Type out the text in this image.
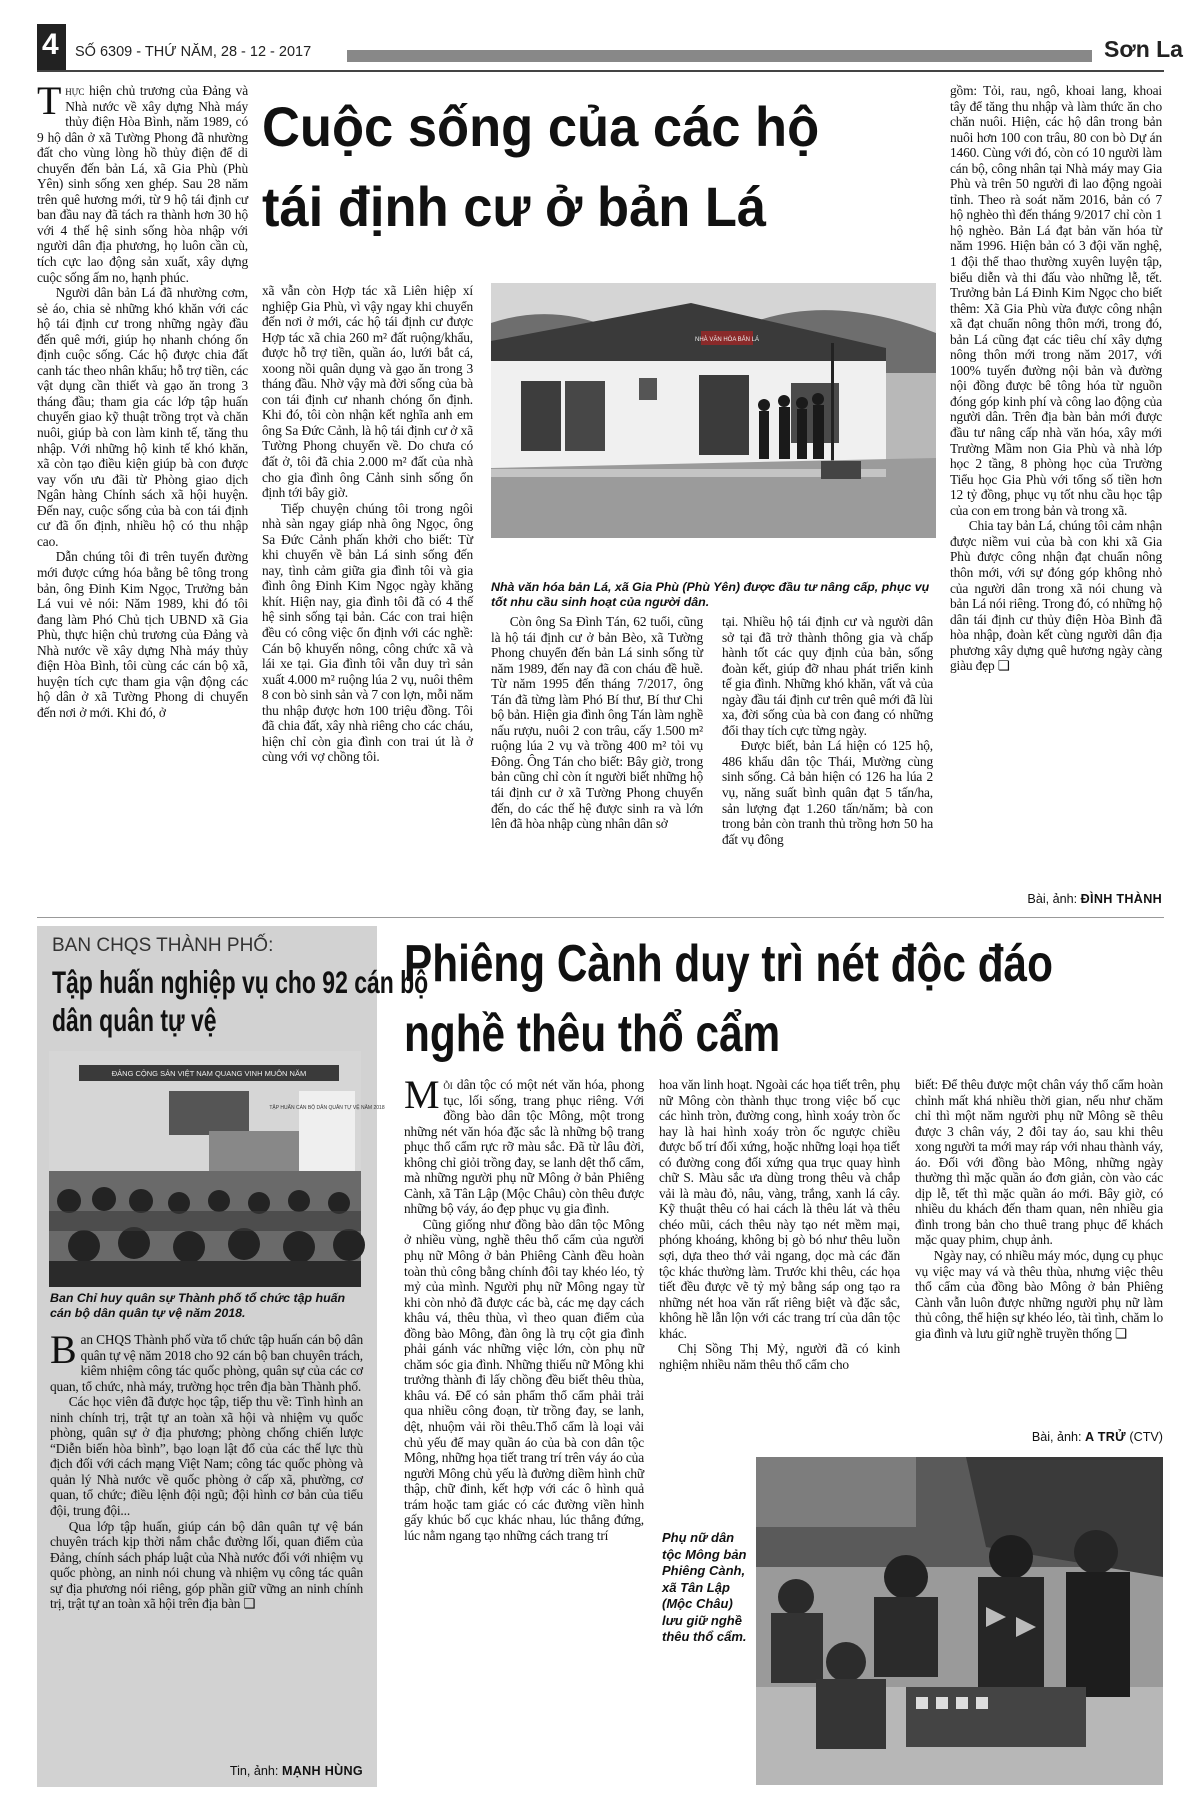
4 SỐ 6309 - THỨ NĂM, 28 - 12 - 2017	Sơn La
Cuộc sống của các hộ
tái định cư ở bản Lá

Thực hiện chủ trương của Đảng và Nhà nước về xây dựng Nhà máy thủy điện Hòa Bình, năm 1989, có 9 hộ dân ở xã Tường Phong đã nhường đất cho vùng lòng hồ thủy điện để di chuyển đến bản Lá, xã Gia Phù (Phù Yên) sinh sống xen ghép. Sau 28 năm trên quê hương mới, từ 9 hộ tái định cư ban đầu nay đã tách ra thành hơn 30 hộ với 4 thế hệ sinh sống hòa nhập với người dân địa phương, họ luôn cần cù, tích cực lao động sản xuất, xây dựng cuộc sống ấm no, hạnh phúc.

Người dân bản Lá đã nhường cơm, sẻ áo, chia sẻ những khó khăn với các hộ tái định cư trong những ngày đầu đến quê mới, giúp họ nhanh chóng ổn định cuộc sống. Các hộ được chia đất canh tác theo nhân khẩu; hỗ trợ tiền, các vật dụng cần thiết và gạo ăn trong 3 tháng đầu; tham gia các lớp tập huấn chuyển giao kỹ thuật trồng trọt và chăn nuôi, giúp bà con làm kinh tế, tăng thu nhập. Với những hộ kinh tế khó khăn, xã còn tạo điều kiện giúp bà con được vay vốn ưu đãi từ Phòng giao dịch Ngân hàng Chính sách xã hội huyện. Đến nay, cuộc sống của bà con tái định cư đã ổn định, nhiều hộ có thu nhập cao.

Dẫn chúng tôi đi trên tuyến đường mới được cứng hóa bằng bê tông trong bản, ông Đinh Kim Ngọc, Trưởng bản Lá vui vẻ nói: Năm 1989, khi đó tôi đang làm Phó Chủ tịch UBND xã Gia Phù, thực hiện chủ trương của Đảng và Nhà nước về xây dựng Nhà máy thủy điện Hòa Bình, tôi cùng các cán bộ xã, huyện tích cực tham gia vận động các hộ dân ở xã Tường Phong di chuyển đến nơi ở mới. Khi đó, ở

xã vẫn còn Hợp tác xã Liên hiệp xí nghiệp Gia Phù, vì vậy ngay khi chuyển đến nơi ở mới, các hộ tái định cư được Hợp tác xã chia 260 m² đất ruộng/khẩu, được hỗ trợ tiền, quần áo, lưới bắt cá, xoong nồi quân dụng và gạo ăn trong 3 tháng đầu. Nhờ vậy mà đời sống của bà con tái định cư nhanh chóng ổn định. Khi đó, tôi còn nhận kết nghĩa anh em ông Sa Đức Cảnh, là hộ tái định cư ở xã Tường Phong chuyển về. Do chưa có đất ở, tôi đã chia 2.000 m² đất của nhà cho gia đình ông Cảnh sinh sống ổn định tới bây giờ.

Tiếp chuyện chúng tôi trong ngôi nhà sàn ngay giáp nhà ông Ngọc, ông Sa Đức Cảnh phấn khởi cho biết: Từ khi chuyển về bản Lá sinh sống đến nay, tình cảm giữa gia đình tôi và gia đình ông Đinh Kim Ngọc ngày khăng khít. Hiện nay, gia đình tôi đã có 4 thế hệ sinh sống tại bản. Các con trai hiện đều có công việc ổn định với các nghề: Cán bộ khuyến nông, công chức xã và lái xe tại. Gia đình tôi vẫn duy trì sản xuất 4.000 m² ruộng lúa 2 vụ, nuôi thêm 8 con bò sinh sản và 7 con lợn, mỗi năm thu nhập được hơn 100 triệu đồng. Tôi đã chia đất, xây nhà riêng cho các cháu, hiện chỉ còn gia đình con trai út là ở cùng với vợ chồng tôi.

NHÀ VĂN HÓA BẢN LÁ
Nhà văn hóa bản Lá, xã Gia Phù (Phù Yên) được đầu tư nâng cấp, phục vụ tốt nhu cầu sinh hoạt của người dân.

Còn ông Sa Đình Tán, 62 tuổi, cũng là hộ tái định cư ở bản Bèo, xã Tường Phong chuyển đến bản Lá sinh sống từ năm 1989, đến nay đã con cháu đề huề. Từ năm 1995 đến tháng 7/2017, ông Tán đã từng làm Phó Bí thư, Bí thư Chi bộ bản. Hiện gia đình ông Tán làm nghề nấu rượu, nuôi 2 con trâu, cấy 1.500 m² ruộng lúa 2 vụ và trồng 400 m² tỏi vụ Đông. Ông Tán cho biết: Bây giờ, trong bản cũng chỉ còn ít người biết những hộ tái định cư ở xã Tường Phong chuyển đến, do các thế hệ được sinh ra và lớn lên đã hòa nhập cùng nhân dân sở

tại. Nhiều hộ tái định cư và người dân sở tại đã trở thành thông gia và chấp hành tốt các quy định của bản, sống đoàn kết, giúp đỡ nhau phát triển kinh tế gia đình. Những khó khăn, vất vả của ngày đầu tái định cư trên quê mới đã lùi xa, đời sống của bà con đang có những đổi thay tích cực từng ngày.

Được biết, bản Lá hiện có 125 hộ, 486 khẩu dân tộc Thái, Mường cùng sinh sống. Cả bản hiện có 126 ha lúa 2 vụ, năng suất bình quân đạt 5 tấn/ha, sản lượng đạt 1.260 tấn/năm; bà con trong bản còn tranh thủ trồng hơn 50 ha đất vụ đông

gồm: Tỏi, rau, ngô, khoai lang, khoai tây để tăng thu nhập và làm thức ăn cho chăn nuôi. Hiện, các hộ dân trong bản nuôi hơn 100 con trâu, 80 con bò Dự án 1460. Cùng với đó, còn có 10 người làm cán bộ, công nhân tại Nhà máy may Gia Phù và trên 50 người đi lao động ngoài tỉnh. Theo rà soát năm 2016, bản có 7 hộ nghèo thì đến tháng 9/2017 chỉ còn 1 hộ nghèo. Bản Lá đạt bản văn hóa từ năm 1996. Hiện bản có 3 đội văn nghệ, 1 đội thể thao thường xuyên luyện tập, biểu diễn và thi đấu vào những lễ, tết. Trưởng bản Lá Đinh Kim Ngọc cho biết thêm: Xã Gia Phù vừa được công nhận xã đạt chuẩn nông thôn mới, trong đó, bản Lá cũng đạt các tiêu chí xây dựng nông thôn mới trong năm 2017, với 100% tuyến đường nội bản và đường nội đồng được bê tông hóa từ nguồn đóng góp kinh phí và công lao động của người dân. Trên địa bàn bản mới được đầu tư nâng cấp nhà văn hóa, xây mới Trường Mầm non Gia Phù và nhà lớp học 2 tầng, 8 phòng học của Trường Tiểu học Gia Phù với tổng số tiền hơn 12 tỷ đồng, phục vụ tốt nhu cầu học tập của con em trong bản và trong xã.

Chia tay bản Lá, chúng tôi cảm nhận được niềm vui của bà con khi xã Gia Phù được công nhận đạt chuẩn nông thôn mới, với sự đóng góp không nhỏ của người dân trong xã nói chung và bản Lá nói riêng. Trong đó, có những hộ dân tái định cư thủy điện Hòa Bình đã hòa nhập, đoàn kết cùng người dân địa phương xây dựng quê hương ngày càng giàu đẹp ❏

Bài, ảnh: ĐÌNH THÀNH
BAN CHQS THÀNH PHỐ:
Tập huấn nghiệp vụ cho 92 cán bộ
dân quân tự vệ
ĐẢNG CỘNG SẢN VIỆT NAM QUANG VINH MUÔN NĂM
TẬP HUẤN CÁN BỘ DÂN QUÂN TỰ VỆ NĂM 2018
Ban Chỉ huy quân sự Thành phố tổ chức tập huấn cán bộ dân quân tự vệ năm 2018.

Ban CHQS Thành phố vừa tổ chức tập huấn cán bộ dân quân tự vệ năm 2018 cho 92 cán bộ ban chuyên trách, kiêm nhiệm công tác quốc phòng, quân sự của các cơ quan, tổ chức, nhà máy, trường học trên địa bàn Thành phố.

Các học viên đã được học tập, tiếp thu về: Tình hình an ninh chính trị, trật tự an toàn xã hội và nhiệm vụ quốc phòng, quân sự ở địa phương; phòng chống chiến lược “Diễn biến hòa bình”, bạo loạn lật đổ của các thế lực thù địch đối với cách mạng Việt Nam; công tác quốc phòng và quản lý Nhà nước về quốc phòng ở cấp xã, phường, cơ quan, tổ chức; điều lệnh đội ngũ; đội hình cơ bản của tiểu đội, trung đội...

Qua lớp tập huấn, giúp cán bộ dân quân tự vệ bán chuyên trách kịp thời nắm chắc đường lối, quan điểm của Đảng, chính sách pháp luật của Nhà nước đối với nhiệm vụ quốc phòng, an ninh nói chung và nhiệm vụ công tác quân sự địa phương nói riêng, góp phần giữ vững an ninh chính trị, trật tự an toàn xã hội trên địa bàn ❏

Tin, ảnh: MẠNH HÙNG
Phiêng Cành duy trì nét độc đáo
nghề thêu thổ cẩm

Mỗi dân tộc có một nét văn hóa, phong tục, lối sống, trang phục riêng. Với đồng bào dân tộc Mông, một trong những nét văn hóa đặc sắc là những bộ trang phục thổ cẩm rực rỡ màu sắc. Đã từ lâu đời, không chỉ giỏi trồng đay, se lanh dệt thổ cẩm, mà những người phụ nữ Mông ở bản Phiêng Cành, xã Tân Lập (Mộc Châu) còn thêu được những bộ váy, áo đẹp phục vụ gia đình.

Cũng giống như đồng bào dân tộc Mông ở nhiều vùng, nghề thêu thổ cẩm của người phụ nữ Mông ở bản Phiêng Cành đều hoàn toàn thủ công bằng chính đôi tay khéo léo, tỷ mỷ của mình. Người phụ nữ Mông ngay từ khi còn nhỏ đã được các bà, các mẹ dạy cách khâu vá, thêu thùa, vì theo quan điểm của đồng bào Mông, đàn ông là trụ cột gia đình phải gánh vác những việc lớn, còn phụ nữ chăm sóc gia đình. Những thiếu nữ Mông khi trưởng thành đi lấy chồng đều biết thêu thùa, khâu vá. Để có sản phẩm thổ cẩm phải trải qua nhiều công đoạn, từ trồng đay, se lanh, dệt, nhuộm vải rồi thêu.Thổ cẩm là loại vải chủ yếu để may quần áo của bà con dân tộc Mông, những họa tiết trang trí trên váy áo của người Mông chủ yếu là đường diềm hình chữ thập, chữ đinh, kết hợp với các ô hình quả trám hoặc tam giác có các đường viền hình gấy khúc bố cục khác nhau, lúc thẳng đứng, lúc nằm ngang tạo những cách trang trí

hoa văn linh hoạt. Ngoài các họa tiết trên, phụ nữ Mông còn thành thục trong việc bố cục các hình tròn, đường cong, hình xoáy tròn ốc hay là hai hình xoáy tròn ốc ngược chiều được bố trí đối xứng, hoặc những loại họa tiết có đường cong đối xứng qua trục quay hình chữ S. Màu sắc ưa dùng trong thêu và chắp vải là màu đỏ, nâu, vàng, trắng, xanh lá cây. Kỹ thuật thêu có hai cách là thêu lát và thêu chéo mũi, cách thêu này tạo nét mềm mại, phóng khoáng, không bị gò bó như thêu luồn sợi, dựa theo thớ vải ngang, dọc mà các đăn tộc khác thường làm. Trước khi thêu, các họa tiết đều được vẽ tỷ mỷ bằng sáp ong tạo ra những nét hoa văn rất riêng biệt và đặc sắc, không hề lẫn lộn với các trang trí của dân tộc khác.

Chị Sồng Thị Mỷ, người đã có kinh nghiệm nhiều năm thêu thổ cẩm cho

biết: Để thêu được một chân váy thổ cẩm hoàn chỉnh mất khá nhiều thời gian, nếu như chăm chỉ thì một năm người phụ nữ Mông sẽ thêu được 3 chân váy, 2 đôi tay áo, sau khi thêu xong người ta mới may ráp với nhau thành váy, áo. Đối với đồng bào Mông, những ngày thường thì mặc quần áo đơn giản, còn vào các dịp lễ, tết thì mặc quần áo mới. Bây giờ, có nhiều du khách đến tham quan, nên nhiều gia đình trong bản cho thuê trang phục để khách mặc quay phim, chụp ảnh.

Ngày nay, có nhiều máy móc, dụng cụ phục vụ việc may vá và thêu thùa, nhưng việc thêu thổ cẩm của đồng bào Mông ở bản Phiêng Cành vẫn luôn được những người phụ nữ làm thủ công, thể hiện sự khéo léo, tài tình, chăm lo gia đình và lưu giữ nghề truyền thống ❏

Bài, ảnh: A TRỬ (CTV)
Phụ nữ dân tộc Mông bản Phiêng Cành, xã Tân Lập (Mộc Châu) lưu giữ nghề thêu thổ cẩm.
